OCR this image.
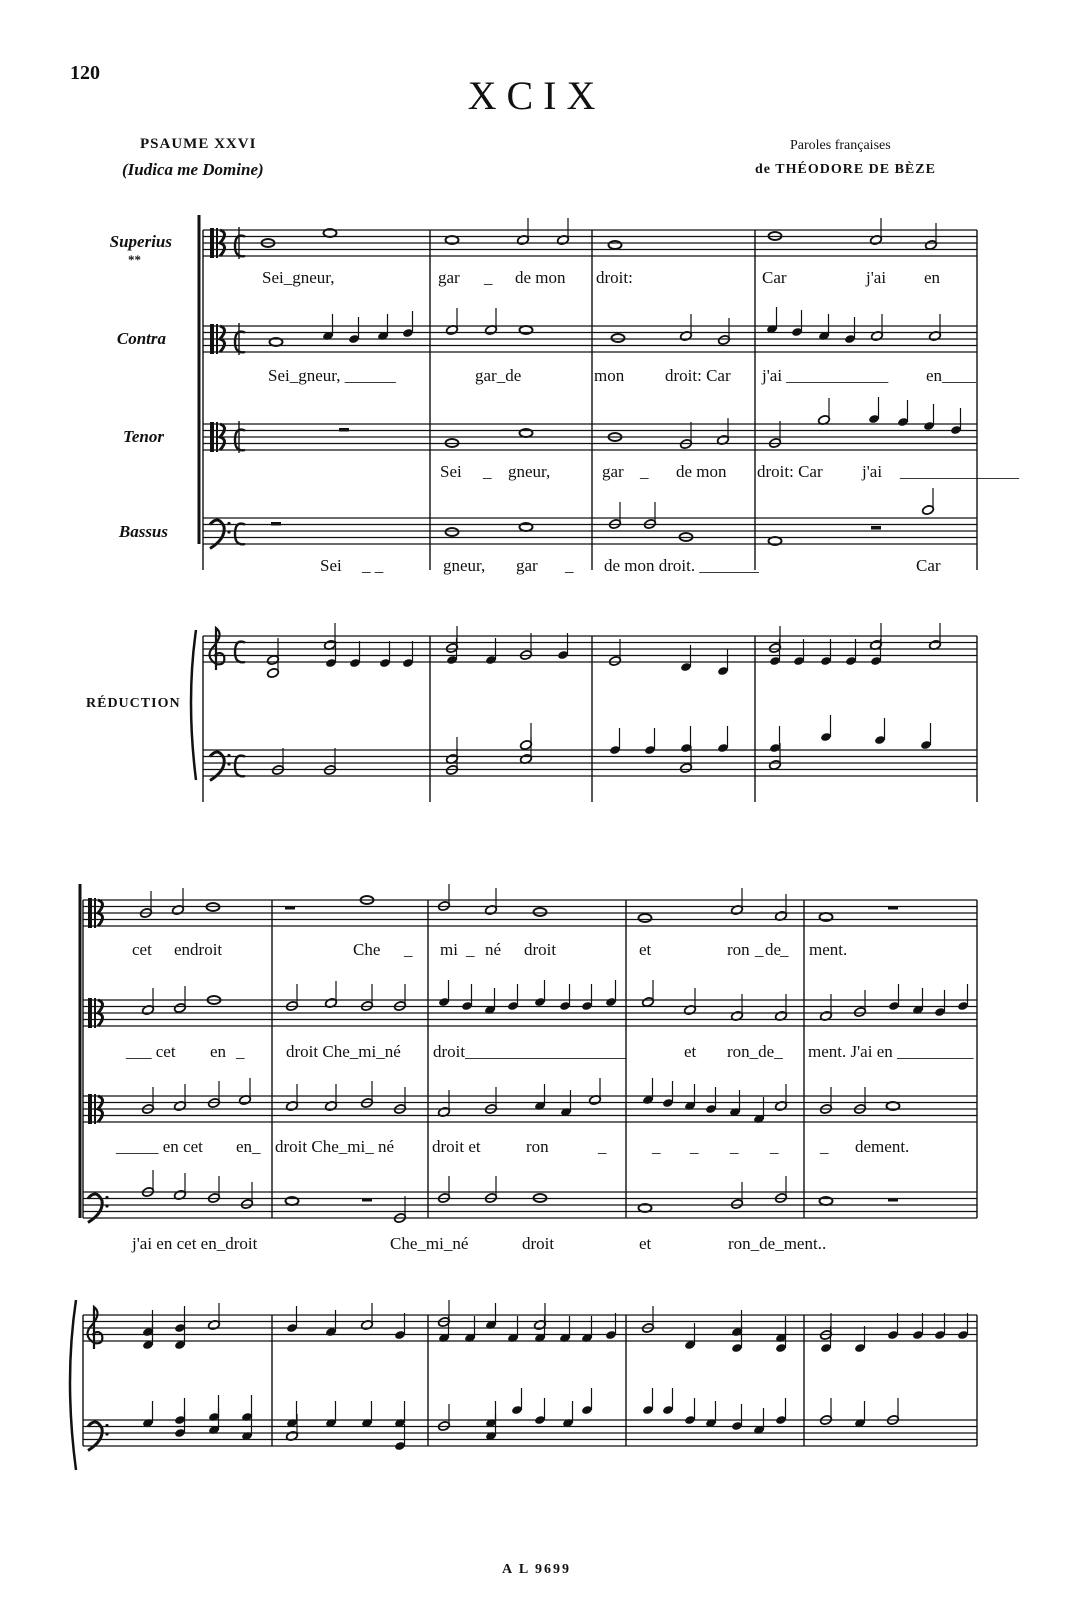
120	XCIX
PSAUME XXVI
(Iudica me Domine)
Paroles françaises
de THÉODORE DE BÈZE
Superius
**
Contra
Tenor
Bassus
RÉDUCTION
Sei_gneur,	gar _ de mon droit:	Car	j'ai en
Sei_gneur, ______	gar_de	mon droit: Car j'ai ____________ en____
Sei _ gneur,	gar _ de mon droit: Car j'ai ______________
Sei _ _	gneur, gar _ de mon droit. _______	Car
cet endroit	Che _ mi _ né droit	et	ron _ de
_ ment.
___ cet en _ droit Che_mi_né droit___________________	et ron_de_ ment. J'ai en _________
_____ en cet en_ droit Che_mi_ né droit et	ron	_	_ _ _ _ _ dement.
j'ai en cet en_droit	Che_mi_né	droit	et	ron_de_ment..
A L 9699
